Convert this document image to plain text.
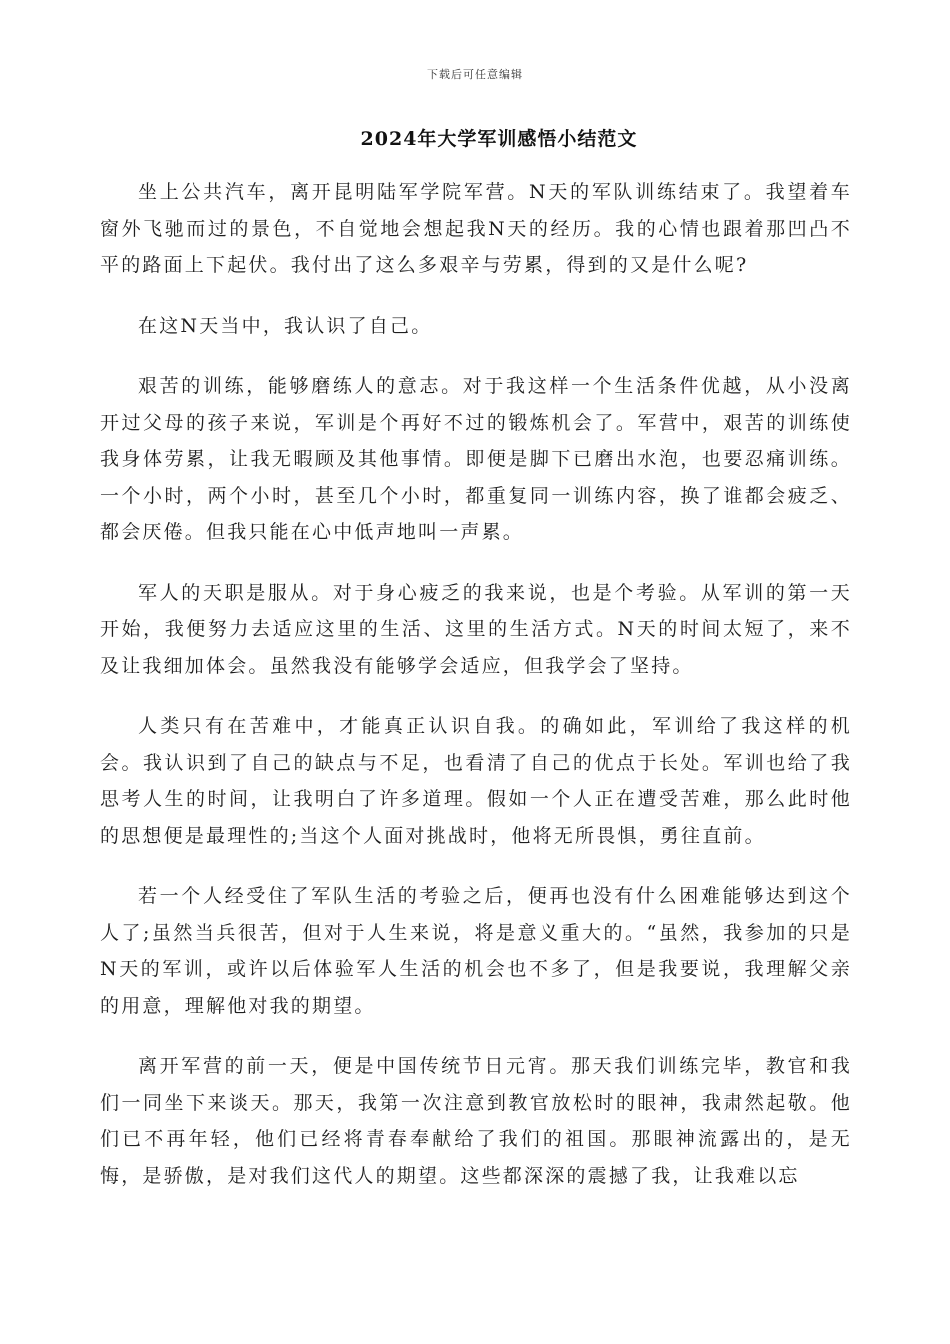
下载后可任意编辑
2024年大学军训感悟小结范文

坐上公共汽车，离开昆明陆军学院军营。N天的军队训练结束了。我望着车窗外飞驰而过的景色，不自觉地会想起我N天的经历。我的心情也跟着那凹凸不平的路面上下起伏。我付出了这么多艰辛与劳累，得到的又是什么呢?

在这N天当中，我认识了自己。

艰苦的训练，能够磨练人的意志。对于我这样一个生活条件优越，从小没离开过父母的孩子来说，军训是个再好不过的锻炼机会了。军营中，艰苦的训练使我身体劳累，让我无暇顾及其他事情。即便是脚下已磨出水泡，也要忍痛训练。一个小时，两个小时，甚至几个小时，都重复同一训练内容，换了谁都会疲乏、都会厌倦。但我只能在心中低声地叫一声累。

军人的天职是服从。对于身心疲乏的我来说，也是个考验。从军训的第一天开始，我便努力去适应这里的生活、这里的生活方式。N天的时间太短了，来不及让我细加体会。虽然我没有能够学会适应，但我学会了坚持。

人类只有在苦难中，才能真正认识自我。的确如此，军训给了我这样的机会。我认识到了自己的缺点与不足，也看清了自己的优点于长处。军训也给了我思考人生的时间，让我明白了许多道理。假如一个人正在遭受苦难，那么此时他的思想便是最理性的;当这个人面对挑战时，他将无所畏惧，勇往直前。

若一个人经受住了军队生活的考验之后，便再也没有什么困难能够达到这个人了;虽然当兵很苦，但对于人生来说，将是意义重大的。“虽然，我参加的只是N天的军训，或许以后体验军人生活的机会也不多了，但是我要说，我理解父亲的用意，理解他对我的期望。

离开军营的前一天，便是中国传统节日元宵。那天我们训练完毕，教官和我们一同坐下来谈天。那天，我第一次注意到教官放松时的眼神，我肃然起敬。他们已不再年轻，他们已经将青春奉献给了我们的祖国。那眼神流露出的，是无悔，是骄傲，是对我们这代人的期望。这些都深深的震撼了我，让我难以忘
